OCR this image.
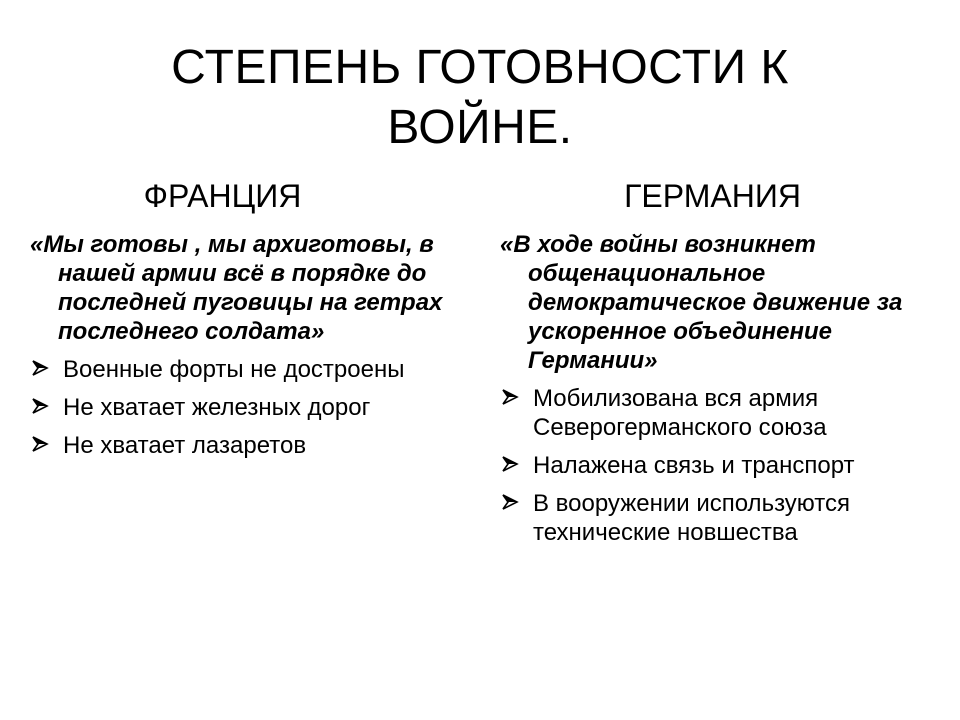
СТЕПЕНЬ ГОТОВНОСТИ К ВОЙНЕ.
ФРАНЦИЯ
«Мы готовы , мы архиготовы, в нашей армии всё в порядке до последней пуговицы на гетрах последнего солдата»
Военные форты не достроены
Не хватает железных дорог
Не хватает лазаретов
ГЕРМАНИЯ
«В ходе войны возникнет общенациональное демократическое движение за ускоренное объединение Германии»
Мобилизована вся армия Северогерманского союза
Налажена связь и транспорт
В вооружении используются технические новшества
